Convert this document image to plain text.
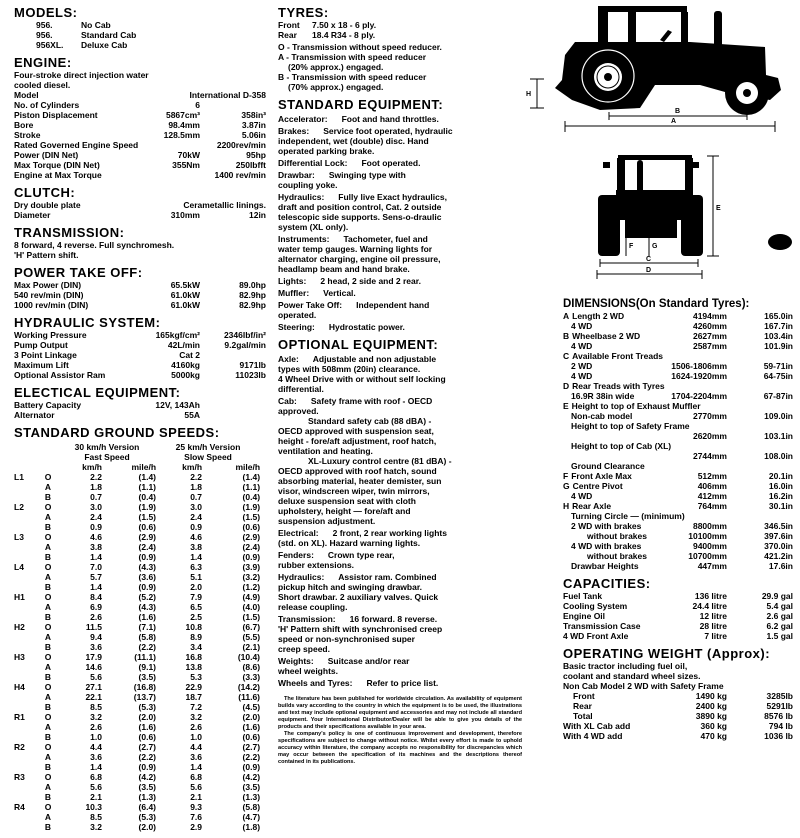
H
B
A
E
F	G
C
D
MODELS:
956.	No Cab
956.	Standard Cab
956XL.	Deluxe Cab
ENGINE:
Four-stroke direct injection water
cooled diesel.
Model	International D-358
No. of Cylinders	6
Piston Displacement	5867cm³	358in³
Bore	98.4mm	3.87in
Stroke	128.5mm	5.06in
Rated Governed Engine Speed	2200rev/min
Power (DIN Net)	70kW	95hp
Max Torque (DIN Net)	355Nm	250lbfft
Engine at Max Torque	1400 rev/min
CLUTCH:
Dry double plate	Cerametallic linings.
Diameter	310mm	12in
TRANSMISSION:
8 forward, 4 reverse. Full synchromesh.
'H' Pattern shift.
POWER TAKE OFF:
Max Power (DIN)	65.5kW	89.0hp
540 rev/min (DIN)	61.0kW	82.9hp
1000 rev/min (DIN)	61.0kW	82.9hp
HYDRAULIC SYSTEM:
Working Pressure	165kgf/cm²	2346lbf/in²
Pump Output	42L/min	9.2gal/min
3 Point Linkage	Cat 2
Maximum Lift	4160kg	9171lb
Optional Assistor Ram	5000kg	11023lb
ELECTICAL EQUIPMENT:
Battery Capacity	12V, 143Ah
Alternator	55A
STANDARD GROUND SPEEDS:
		30 km/h Version		25 km/h Version	
		Fast Speed		Slow Speed	
		km/h	mile/h	km/h	mile/h
L1	O	2.2	(1.4)	2.2	(1.4)
	A	1.8	(1.1)	1.8	(1.1)
	B	0.7	(0.4)	0.7	(0.4)
L2	O	3.0	(1.9)	3.0	(1.9)
	A	2.4	(1.5)	2.4	(1.5)
	B	0.9	(0.6)	0.9	(0.6)
L3	O	4.6	(2.9)	4.6	(2.9)
	A	3.8	(2.4)	3.8	(2.4)
	B	1.4	(0.9)	1.4	(0.9)
L4	O	7.0	(4.3)	6.3	(3.9)
	A	5.7	(3.6)	5.1	(3.2)
	B	1.4	(0.9)	2.0	(1.2)
H1	O	8.4	(5.2)	7.9	(4.9)
	A	6.9	(4.3)	6.5	(4.0)
	B	2.6	(1.6)	2.5	(1.5)
H2	O	11.5	(7.1)	10.8	(6.7)
	A	9.4	(5.8)	8.9	(5.5)
	B	3.6	(2.2)	3.4	(2.1)
H3	O	17.9	(11.1)	16.8	(10.4)
	A	14.6	(9.1)	13.8	(8.6)
	B	5.6	(3.5)	5.3	(3.3)
H4	O	27.1	(16.8)	22.9	(14.2)
	A	22.1	(13.7)	18.7	(11.6)
	B	8.5	(5.3)	7.2	(4.5)
R1	O	3.2	(2.0)	3.2	(2.0)
	A	2.6	(1.6)	2.6	(1.6)
	B	1.0	(0.6)	1.0	(0.6)
R2	O	4.4	(2.7)	4.4	(2.7)
	A	3.6	(2.2)	3.6	(2.2)
	B	1.4	(0.9)	1.4	(0.9)
R3	O	6.8	(4.2)	6.8	(4.2)
	A	5.6	(3.5)	5.6	(3.5)
	B	2.1	(1.3)	2.1	(1.3)
R4	O	10.3	(6.4)	9.3	(5.8)
	A	8.5	(5.3)	7.6	(4.7)
	B	3.2	(2.0)	2.9	(1.8)
TYRES:
Front	7.50 x 18 - 6 ply.
Rear	18.4 R34 - 8 ply.
O - Transmission without speed reducer.
A - Transmission with speed reducer
(20% approx.) engaged.
B - Transmission with speed reducer
(70% approx.) engaged.
STANDARD EQUIPMENT:
Accelerator: Foot and hand throttles.
Brakes: Service foot operated, hydraulic
independent, wet (double) disc. Hand
operated parking brake.
Differential Lock: Foot operated.
Drawbar: Swinging type with
coupling yoke.
Hydraulics: Fully live Exact hydraulics,
draft and position control, Cat. 2 outside
telescopic side supports. Sens-o-draulic
system (XL only).
Instruments: Tachometer, fuel and
water temp gauges. Warning lights for
alternator charging, engine oil pressure,
headlamp beam and hand brake.
Lights: 2 head, 2 side and 2 rear.
Muffler: Vertical.
Power Take Off: Independent hand
operated.
Steering: Hydrostatic power.
OPTIONAL EQUIPMENT:
Axle: Adjustable and non adjustable
types with 508mm (20in) clearance.
4 Wheel Drive with or without self locking
differential.
Cab: Safety frame with roof - OECD
approved.
Standard safety cab (88 dBA) -
OECD approved with suspension seat,
height - fore/aft adjustment, roof hatch,
ventilation and heating.
XL-Luxury control centre (81 dBA) -
OECD approved with roof hatch, sound
absorbing material, heater demister, sun
visor, windscreen wiper, twin mirrors,
deluxe suspension seat with cloth
upholstery, height — fore/aft and
suspension adjustment.
Electrical: 2 front, 2 rear working lights
(std. on XL). Hazard warning lights.
Fenders: Crown type rear,
rubber extensions.
Hydraulics: Assistor ram. Combined
pickup hitch and swinging drawbar.
Short drawbar. 2 auxiliary valves. Quick
release coupling.
Transmission: 16 forward. 8 reverse.
'H' Pattern shift with synchronised creep
speed or non-synchronised super
creep speed.
Weights: Suitcase and/or rear
wheel weights.
Wheels and Tyres: Refer to price list.

The literature has been published for worldwide circulation. As availability of equipment builds vary according to the country in which the equipment is to be used, the illustrations and text may include optional equipment and accessories and may not include all standard equipment. Your International Distributor/Dealer will be able to give you details of the products and their specifications available in your area.

The company's policy is one of continuous improvement and development, therefore specifications are subject to change without notice. Whilst every effort is made to uphold accuracy within literature, the company accepts no responsibility for discrepancies which may occur between the specification of its machines and the descriptions thereof contained in its publications.

DIMENSIONS(On Standard Tyres):
A Length 2 WD	4194mm	165.0in
4 WD	4260mm	167.7in
B Wheelbase 2 WD	2627mm	103.4in
4 WD	2587mm	101.9in
C Available Front Treads
2 WD	1506-1806mm	59-71in
4 WD	1624-1920mm	64-75in
D Rear Treads with Tyres
16.9R 38in wide	1704-2204mm	67-87in
E Height to top of Exhaust Muffler
Non-cab model	2770mm	109.0in
Height to top of Safety Frame
2620mm	103.1in
Height to top of Cab (XL)
2744mm	108.0in
Ground Clearance
F Front Axle Max	512mm	20.1in
G Centre Pivot	406mm	16.0in
4 WD	412mm	16.2in
H Rear Axle	764mm	30.1in
Turning Circle — (minimum)
2 WD with brakes	8800mm	346.5in
without brakes	10100mm	397.6in
4 WD with brakes	9400mm	370.0in
without brakes	10700mm	421.2in
Drawbar Heights	447mm	17.6in
CAPACITIES:
Fuel Tank	136 litre	29.9 gal
Cooling System	24.4 litre	5.4 gal
Engine Oil	12 litre	2.6 gal
Transmission Case	28 litre	6.2 gal
4 WD Front Axle	7 litre	1.5 gal
OPERATING WEIGHT (Approx):
Basic tractor including fuel oil,
coolant and standard wheel sizes.
Non Cab Model 2 WD with Safety Frame
Front	1490 kg	3285lb
Rear	2400 kg	5291lb
Total	3890 kg	8576 lb
With XL Cab add	360 kg	794 lb
With 4 WD add	470 kg	1036 lb
